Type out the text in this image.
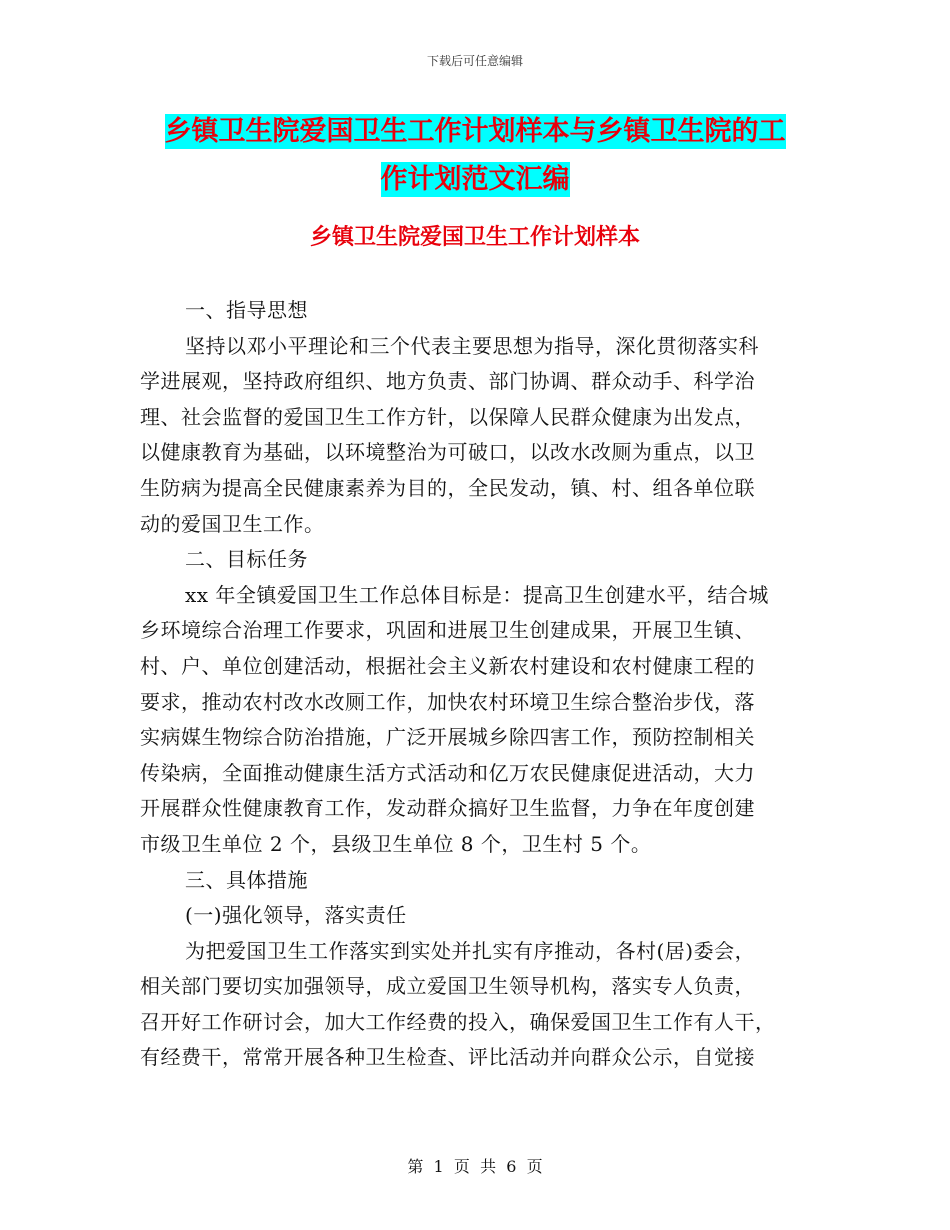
下载后可任意编辑
乡镇卫生院爱国卫生工作计划样本与乡镇卫生院的工
作计划范文汇编
乡镇卫生院爱国卫生工作计划样本
一、指导思想
坚持以邓小平理论和三个代表主要思想为指导，深化贯彻落实科
学进展观，坚持政府组织、地方负责、部门协调、群众动手、科学治
理、社会监督的爱国卫生工作方针，以保障人民群众健康为出发点，
以健康教育为基础，以环境整治为可破口，以改水改厕为重点，以卫
生防病为提高全民健康素养为目的，全民发动，镇、村、组各单位联
动的爱国卫生工作。
二、目标任务
xx 年全镇爱国卫生工作总体目标是：提高卫生创建水平，结合城
乡环境综合治理工作要求，巩固和进展卫生创建成果，开展卫生镇、
村、户、单位创建活动，根据社会主义新农村建设和农村健康工程的
要求，推动农村改水改厕工作，加快农村环境卫生综合整治步伐，落
实病媒生物综合防治措施，广泛开展城乡除四害工作，预防控制相关
传染病，全面推动健康生活方式活动和亿万农民健康促进活动，大力
开展群众性健康教育工作，发动群众搞好卫生监督，力争在年度创建
市级卫生单位 2 个，县级卫生单位 8 个，卫生村 5 个。
三、具体措施
(一)强化领导，落实责任
为把爱国卫生工作落实到实处并扎实有序推动，各村(居)委会，
相关部门要切实加强领导，成立爱国卫生领导机构，落实专人负责，
召开好工作研讨会，加大工作经费的投入，确保爱国卫生工作有人干，
有经费干，常常开展各种卫生检查、评比活动并向群众公示，自觉接
第  1  页  共  6  页
